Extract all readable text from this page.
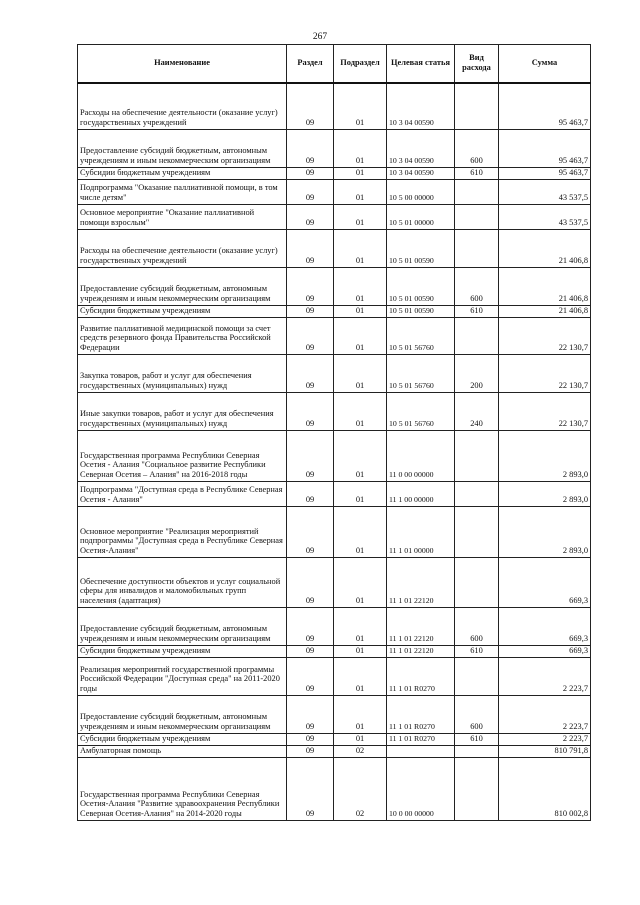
267
Наименование	Раздел	Подраздел	Целевая статья	Вид расхода	Сумма
Расходы на обеспечение деятельности (оказание услуг) государственных учреждений	09	01	10 3 04 00590		95 463,7
Предоставление субсидий бюджетным, автономным учреждениям и иным некоммерческим организациям	09	01	10 3 04 00590	600	95 463,7
Субсидии бюджетным учреждениям	09	01	10 3 04 00590	610	95 463,7
Подпрограмма "Оказание паллиативной помощи, в том числе детям"	09	01	10 5 00 00000		43 537,5
Основное мероприятие "Оказание паллиативной помощи взрослым"	09	01	10 5 01 00000		43 537,5
Расходы на обеспечение деятельности (оказание услуг) государственных учреждений	09	01	10 5 01 00590		21 406,8
Предоставление субсидий бюджетным, автономным учреждениям и иным некоммерческим организациям	09	01	10 5 01 00590	600	21 406,8
Субсидии бюджетным учреждениям	09	01	10 5 01 00590	610	21 406,8
Развитие паллиативной медицинской помощи за счет средств резервного фонда Правительства Российской Федерации	09	01	10 5 01 56760		22 130,7
Закупка товаров, работ и услуг для обеспечения государственных (муниципальных) нужд	09	01	10 5 01 56760	200	22 130,7
Иные закупки товаров, работ и услуг для обеспечения государственных (муниципальных) нужд	09	01	10 5 01 56760	240	22 130,7
Государственная программа Республики Северная Осетия - Алания "Социальное развитие Республики Северная Осетия – Алания" на 2016-2018 годы	09	01	11 0 00 00000		2 893,0
Подпрограмма "Доступная среда в Республике Северная Осетия - Алания"	09	01	11 1 00 00000		2 893,0
Основное мероприятие "Реализация мероприятий подпрограммы "Доступная среда в Республике Северная Осетия-Алания"	09	01	11 1 01 00000		2 893,0
Обеспечение доступности объектов и услуг социальной сферы для инвалидов и маломобильных групп населения (адаптация)	09	01	11 1 01 22120		669,3
Предоставление субсидий бюджетным, автономным учреждениям и иным некоммерческим организациям	09	01	11 1 01 22120	600	669,3
Субсидии бюджетным учреждениям	09	01	11 1 01 22120	610	669,3
Реализация мероприятий государственной программы Российской Федерации "Доступная среда" на 2011-2020 годы	09	01	11 1 01 R0270		2 223,7
Предоставление субсидий бюджетным, автономным учреждениям и иным некоммерческим организациям	09	01	11 1 01 R0270	600	2 223,7
Субсидии бюджетным учреждениям	09	01	11 1 01 R0270	610	2 223,7
Амбулаторная помощь	09	02			810 791,8
Государственная программа Республики Северная Осетия-Алания "Развитие здравоохранения Республики Северная Осетия-Алания" на 2014-2020 годы	09	02	10 0 00 00000		810 002,8
